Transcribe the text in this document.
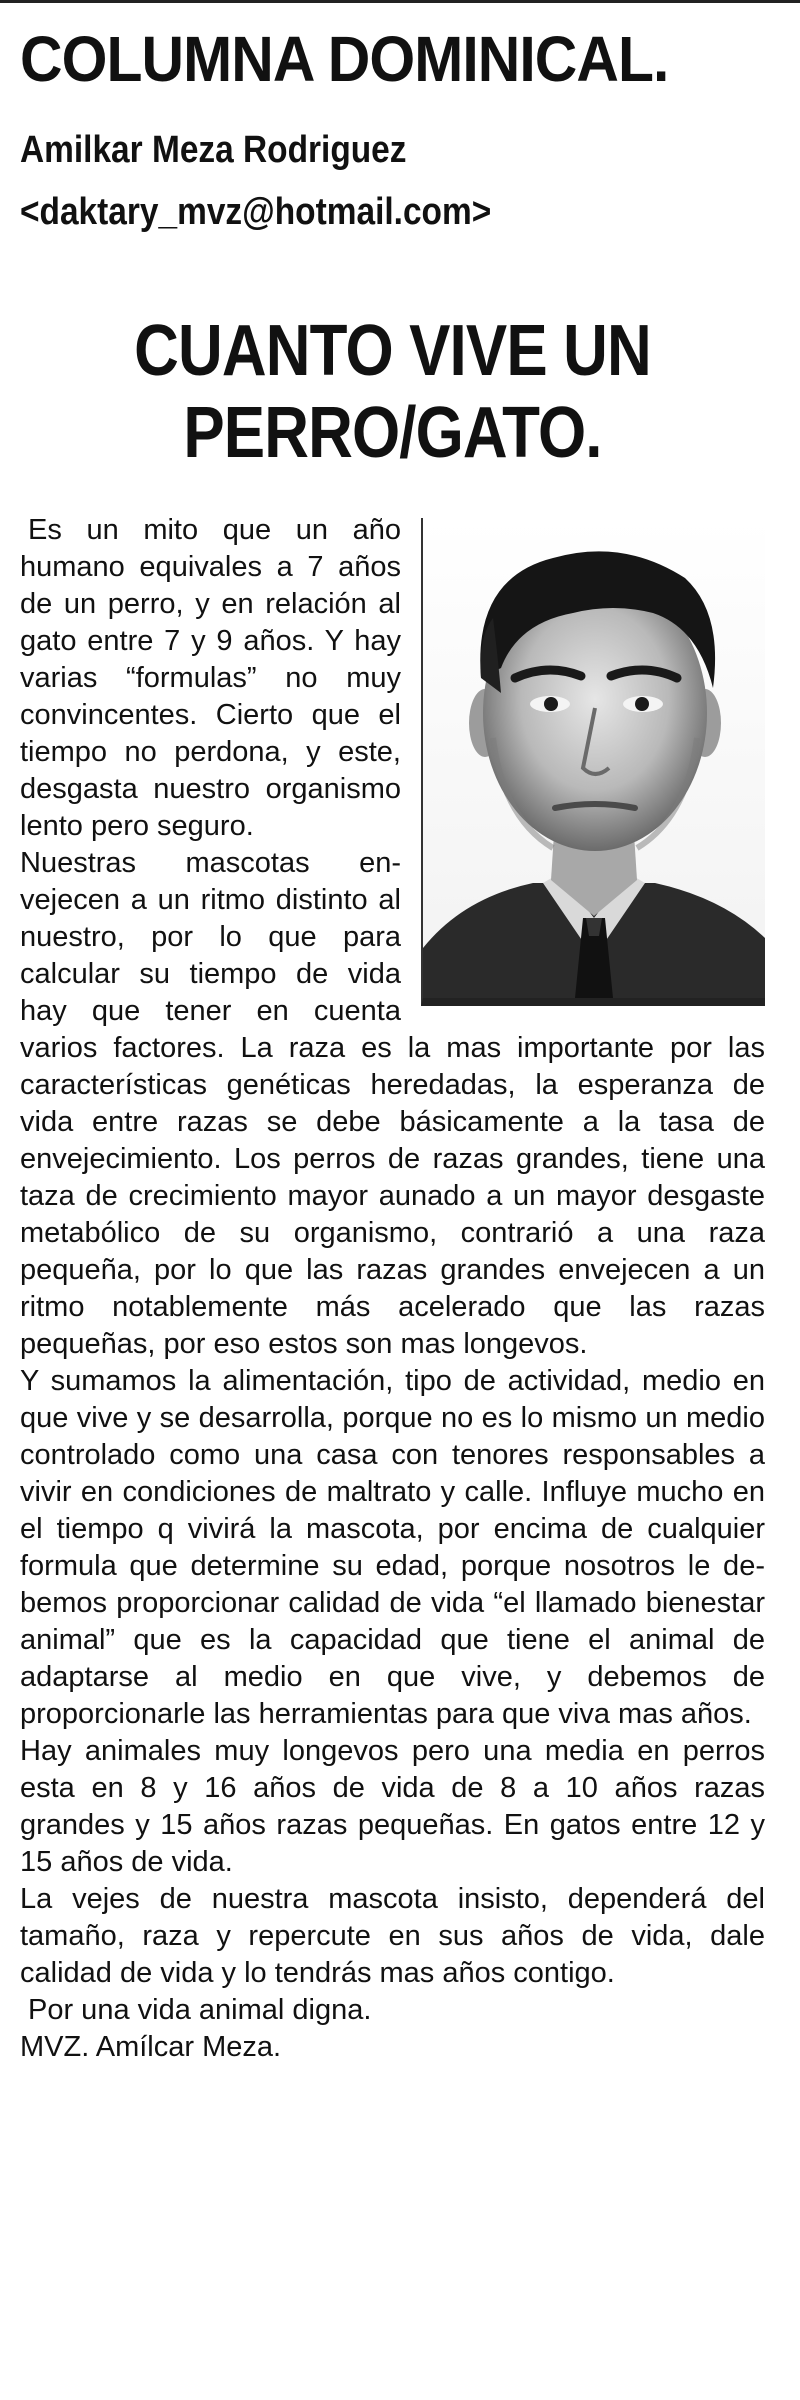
COLUMNA DOMINICAL.
Amilkar Meza Rodriguez
<daktary_mvz@hotmail.com>
CUANTO VIVE UN
PERRO/GATO.

Es un mito que un año humano equivales a 7 años de un perro, y en relación al gato entre 7 y 9 años. Y hay varias “formulas” no muy convincentes. Cierto que el tiempo no perdona, y este, desgasta nuestro organismo lento pero seguro.

Nuestras mascotas envejecen a un ritmo distinto al nuestro, por lo que para calcular su tiempo de vida hay que tener en cuenta varios factores. La raza es la mas importante por las características genéticas heredadas, la esperanza de vida entre razas se debe básicamente a la tasa de envejecimiento. Los perros de razas grandes, tiene una taza de crecimiento mayor aunado a un mayor desgaste metabólico de su organismo, contrarió a una raza pequeña, por lo que las razas grandes envejecen a un ritmo notablemente más acelerado que las razas pequeñas, por eso estos son mas longevos.

Y sumamos la alimentación, tipo de actividad, medio en que vive y se desarrolla, porque no es lo mismo un medio controlado como una casa con tenores responsables a vivir en condiciones de maltrato y calle. Influye mucho en el tiempo q vivirá la mascota, por encima de cualquier formula que determine su edad, porque nosotros le debemos proporcionar calidad de vida “el llamado bienestar animal” que es la capacidad que tiene el animal de adaptarse al medio en que vive, y debemos de proporcionarle las herramientas para que viva mas años.

Hay animales muy longevos pero una media en perros esta en 8 y 16 años de vida de 8 a 10 años razas grandes y 15 años razas pequeñas. En gatos entre 12 y 15 años de vida.

La vejes de nuestra mascota insisto, dependerá del tamaño, raza y repercute en sus años de vida, dale calidad de vida y lo tendrás mas años contigo.

Por una vida animal digna.

MVZ. Amílcar Meza.
